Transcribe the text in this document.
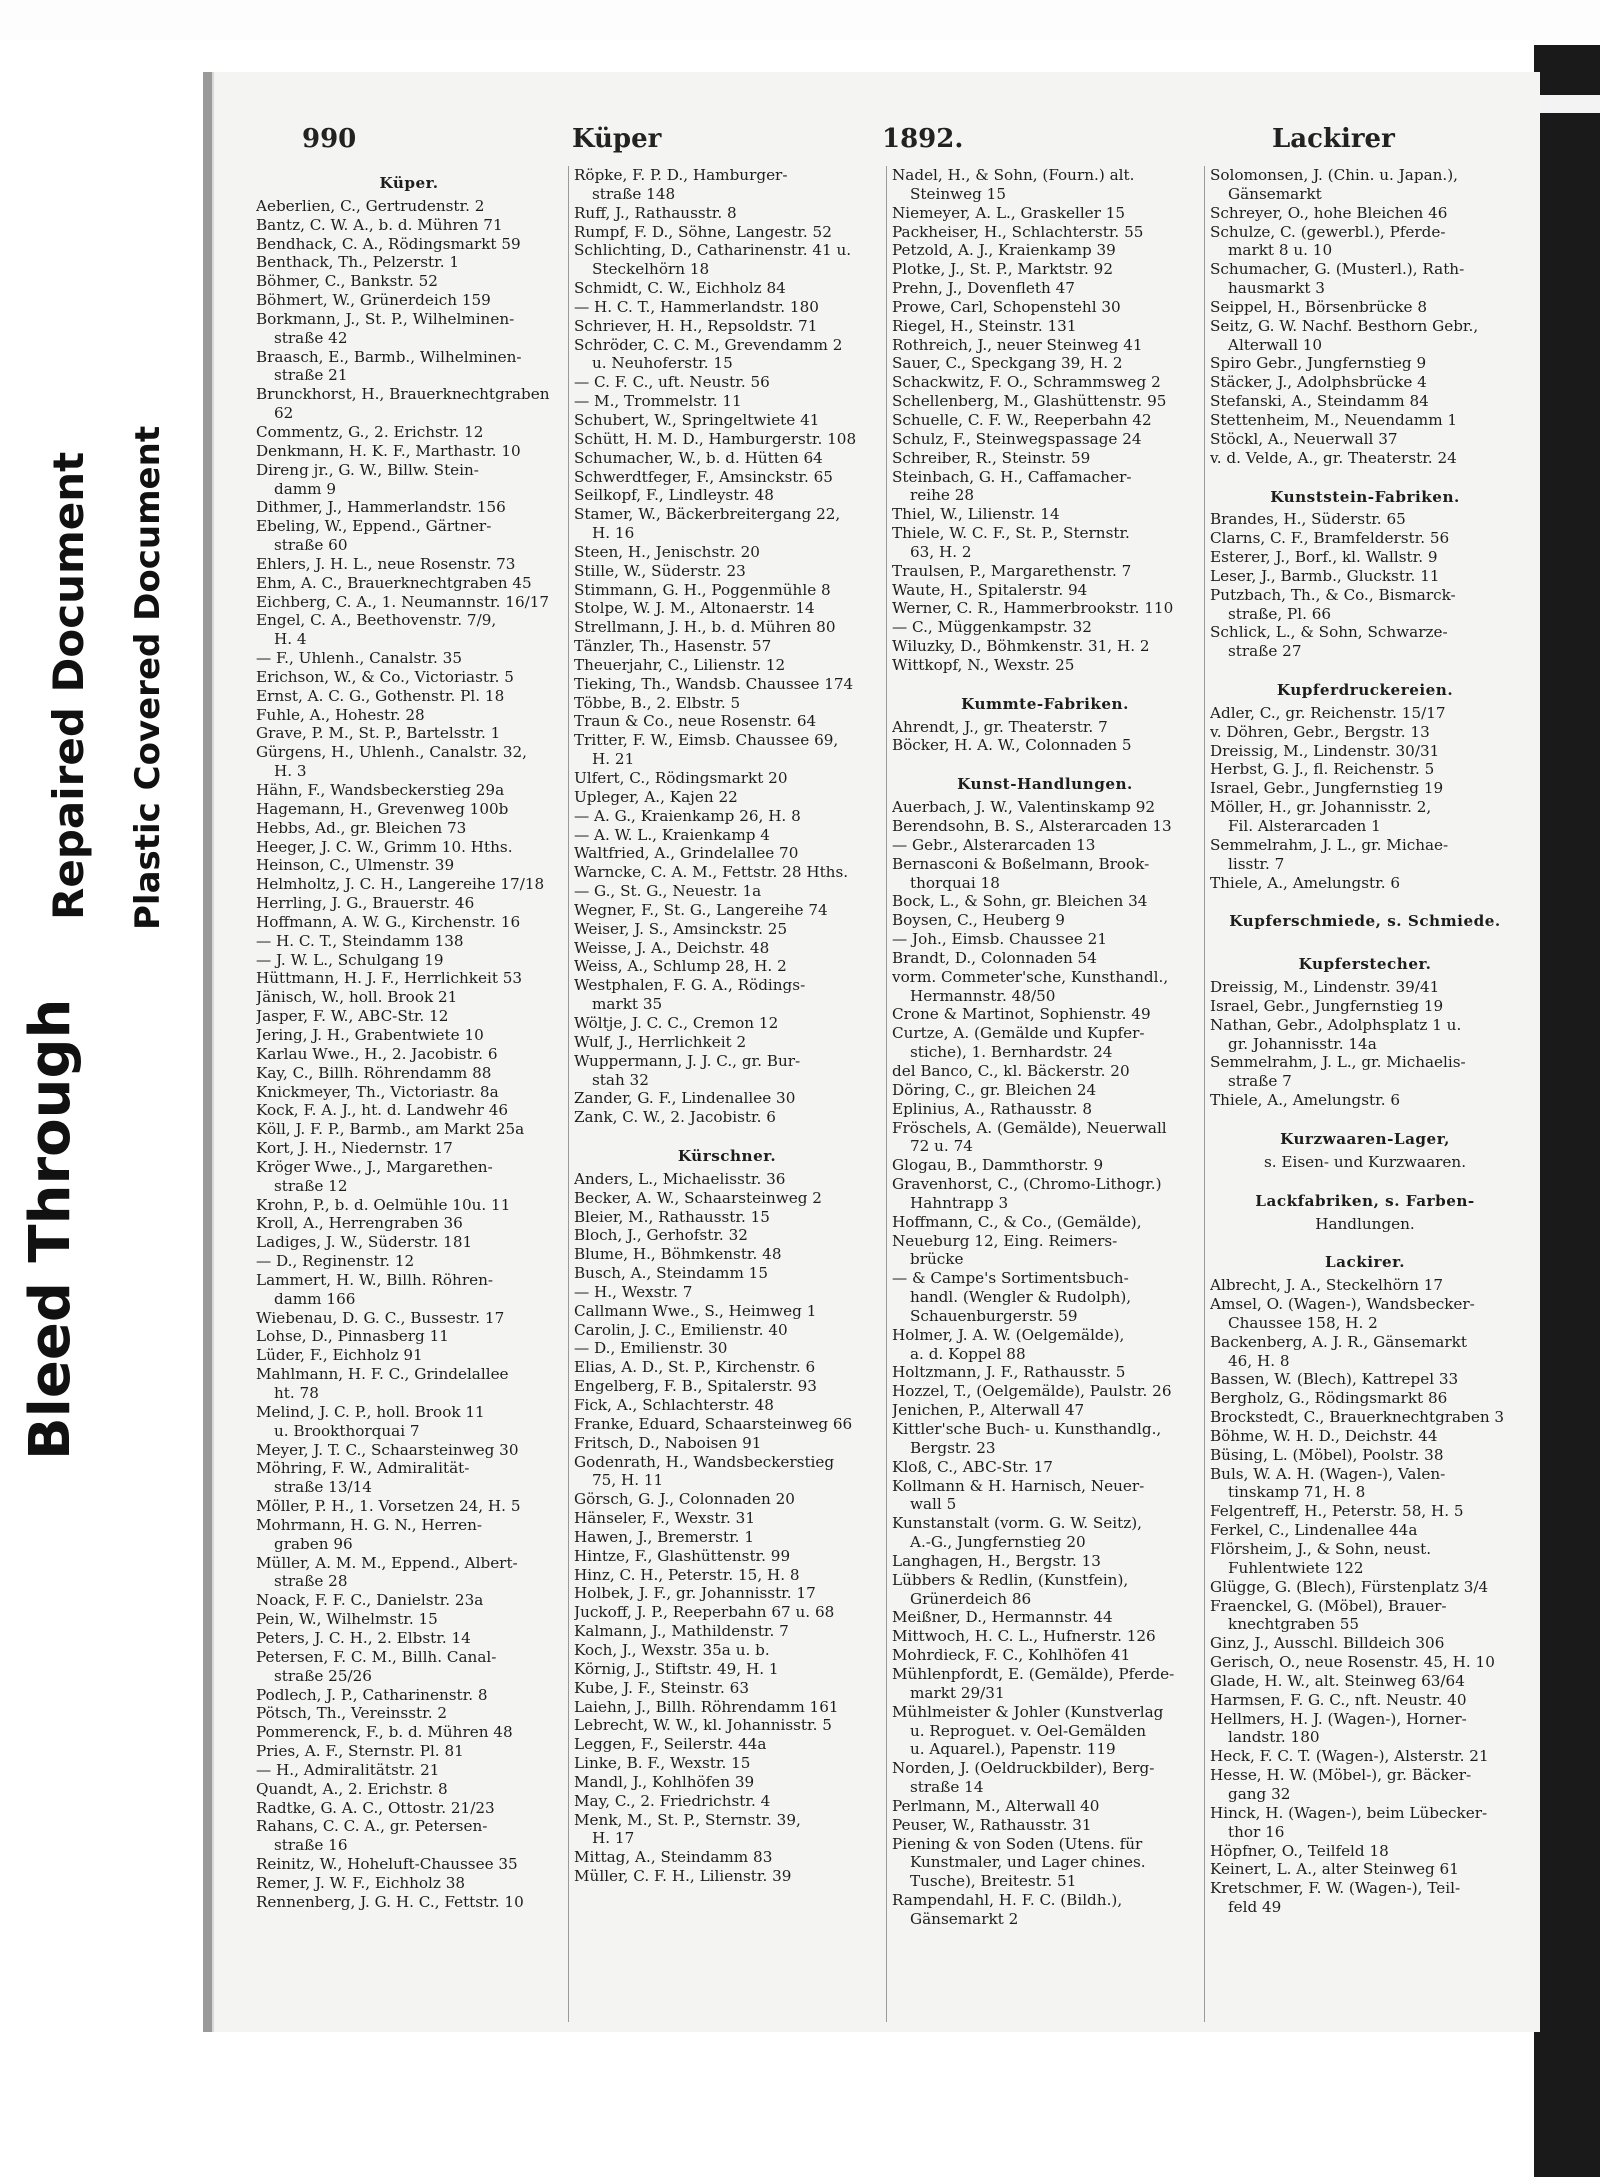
Bleed Through
Repaired Document Plastic Covered Document
990	Küper	1892.	Lackirer
Küper.
Aeberlien, C., Gertrudenstr. 2
Bantz, C. W. A., b. d. Mühren 71
Bendhack, C. A., Rödingsmarkt 59
Benthack, Th., Pelzerstr. 1
Böhmer, C., Bankstr. 52
Böhmert, W., Grünerdeich 159
Borkmann, J., St. P., Wilhelminen-
straße 42
Braasch, E., Barmb., Wilhelminen-
straße 21
Brunckhorst, H., Brauerknechtgraben
62
Commentz, G., 2. Erichstr. 12
Denkmann, H. K. F., Marthastr. 10
Direng jr., G. W., Billw. Stein-
damm 9
Dithmer, J., Hammerlandstr. 156
Ebeling, W., Eppend., Gärtner-
straße 60
Ehlers, J. H. L., neue Rosenstr. 73
Ehm, A. C., Brauerknechtgraben 45
Eichberg, C. A., 1. Neumannstr. 16/17
Engel, C. A., Beethovenstr. 7/9,
H. 4
— F., Uhlenh., Canalstr. 35
Erichson, W., & Co., Victoriastr. 5
Ernst, A. C. G., Gothenstr. Pl. 18
Fuhle, A., Hohestr. 28
Grave, P. M., St. P., Bartelsstr. 1
Gürgens, H., Uhlenh., Canalstr. 32,
H. 3
Hähn, F., Wandsbeckerstieg 29a
Hagemann, H., Grevenweg 100b
Hebbs, Ad., gr. Bleichen 73
Heeger, J. C. W., Grimm 10. Hths.
Heinson, C., Ulmenstr. 39
Helmholtz, J. C. H., Langereihe 17/18
Herrling, J. G., Brauerstr. 46
Hoffmann, A. W. G., Kirchenstr. 16
— H. C. T., Steindamm 138
— J. W. L., Schulgang 19
Hüttmann, H. J. F., Herrlichkeit 53
Jänisch, W., holl. Brook 21
Jasper, F. W., ABC-Str. 12
Jering, J. H., Grabentwiete 10
Karlau Wwe., H., 2. Jacobistr. 6
Kay, C., Billh. Röhrendamm 88
Knickmeyer, Th., Victoriastr. 8a
Kock, F. A. J., ht. d. Landwehr 46
Köll, J. F. P., Barmb., am Markt 25a
Kort, J. H., Niedernstr. 17
Kröger Wwe., J., Margarethen-
straße 12
Krohn, P., b. d. Oelmühle 10u. 11
Kroll, A., Herrengraben 36
Ladiges, J. W., Süderstr. 181
— D., Reginenstr. 12
Lammert, H. W., Billh. Röhren-
damm 166
Wiebenau, D. G. C., Bussestr. 17
Lohse, D., Pinnasberg 11
Lüder, F., Eichholz 91
Mahlmann, H. F. C., Grindelallee
ht. 78
Melind, J. C. P., holl. Brook 11
u. Brookthorquai 7
Meyer, J. T. C., Schaarsteinweg 30
Möhring, F. W., Admiralität-
straße 13/14
Möller, P. H., 1. Vorsetzen 24, H. 5
Mohrmann, H. G. N., Herren-
graben 96
Müller, A. M. M., Eppend., Albert-
straße 28
Noack, F. F. C., Danielstr. 23a
Pein, W., Wilhelmstr. 15
Peters, J. C. H., 2. Elbstr. 14
Petersen, F. C. M., Billh. Canal-
straße 25/26
Podlech, J. P., Catharinenstr. 8
Pötsch, Th., Vereinsstr. 2
Pommerenck, F., b. d. Mühren 48
Pries, A. F., Sternstr. Pl. 81
— H., Admiralitätstr. 21
Quandt, A., 2. Erichstr. 8
Radtke, G. A. C., Ottostr. 21/23
Rahans, C. C. A., gr. Petersen-
straße 16
Reinitz, W., Hoheluft-Chaussee 35
Remer, J. W. F., Eichholz 38
Rennenberg, J. G. H. C., Fettstr. 10
Röpke, F. P. D., Hamburger-
straße 148
Ruff, J., Rathausstr. 8
Rumpf, F. D., Söhne, Langestr. 52
Schlichting, D., Catharinenstr. 41 u.
Steckelhörn 18
Schmidt, C. W., Eichholz 84
— H. C. T., Hammerlandstr. 180
Schriever, H. H., Repsoldstr. 71
Schröder, C. C. M., Grevendamm 2
u. Neuhoferstr. 15
— C. F. C., uft. Neustr. 56
— M., Trommelstr. 11
Schubert, W., Springeltwiete 41
Schütt, H. M. D., Hamburgerstr. 108
Schumacher, W., b. d. Hütten 64
Schwerdtfeger, F., Amsinckstr. 65
Seilkopf, F., Lindleystr. 48
Stamer, W., Bäckerbreitergang 22,
H. 16
Steen, H., Jenischstr. 20
Stille, W., Süderstr. 23
Stimmann, G. H., Poggenmühle 8
Stolpe, W. J. M., Altonaerstr. 14
Strellmann, J. H., b. d. Mühren 80
Tänzler, Th., Hasenstr. 57
Theuerjahr, C., Lilienstr. 12
Tieking, Th., Wandsb. Chaussee 174
Többe, B., 2. Elbstr. 5
Traun & Co., neue Rosenstr. 64
Tritter, F. W., Eimsb. Chaussee 69,
H. 21
Ulfert, C., Rödingsmarkt 20
Upleger, A., Kajen 22
— A. G., Kraienkamp 26, H. 8
— A. W. L., Kraienkamp 4
Waltfried, A., Grindelallee 70
Warncke, C. A. M., Fettstr. 28 Hths.
— G., St. G., Neuestr. 1a
Wegner, F., St. G., Langereihe 74
Weiser, J. S., Amsinckstr. 25
Weisse, J. A., Deichstr. 48
Weiss, A., Schlump 28, H. 2
Westphalen, F. G. A., Rödings-
markt 35
Wöltje, J. C. C., Cremon 12
Wulf, J., Herrlichkeit 2
Wuppermann, J. J. C., gr. Bur-
stah 32
Zander, G. F., Lindenallee 30
Zank, C. W., 2. Jacobistr. 6
Kürschner.
Anders, L., Michaelisstr. 36
Becker, A. W., Schaarsteinweg 2
Bleier, M., Rathausstr. 15
Bloch, J., Gerhofstr. 32
Blume, H., Böhmkenstr. 48
Busch, A., Steindamm 15
— H., Wexstr. 7
Callmann Wwe., S., Heimweg 1
Carolin, J. C., Emilienstr. 40
— D., Emilienstr. 30
Elias, A. D., St. P., Kirchenstr. 6
Engelberg, F. B., Spitalerstr. 93
Fick, A., Schlachterstr. 48
Franke, Eduard, Schaarsteinweg 66
Fritsch, D., Naboisen 91
Godenrath, H., Wandsbeckerstieg
75, H. 11
Görsch, G. J., Colonnaden 20
Hänseler, F., Wexstr. 31
Hawen, J., Bremerstr. 1
Hintze, F., Glashüttenstr. 99
Hinz, C. H., Peterstr. 15, H. 8
Holbek, J. F., gr. Johannisstr. 17
Juckoff, J. P., Reeperbahn 67 u. 68
Kalmann, J., Mathildenstr. 7
Koch, J., Wexstr. 35a u. b.
Körnig, J., Stiftstr. 49, H. 1
Kube, J. F., Steinstr. 63
Laiehn, J., Billh. Röhrendamm 161
Lebrecht, W. W., kl. Johannisstr. 5
Leggen, F., Seilerstr. 44a
Linke, B. F., Wexstr. 15
Mandl, J., Kohlhöfen 39
May, C., 2. Friedrichstr. 4
Menk, M., St. P., Sternstr. 39,
H. 17
Mittag, A., Steindamm 83
Müller, C. F. H., Lilienstr. 39
Nadel, H., & Sohn, (Fourn.) alt.
Steinweg 15
Niemeyer, A. L., Graskeller 15
Packheiser, H., Schlachterstr. 55
Petzold, A. J., Kraienkamp 39
Plotke, J., St. P., Marktstr. 92
Prehn, J., Dovenfleth 47
Prowe, Carl, Schopenstehl 30
Riegel, H., Steinstr. 131
Rothreich, J., neuer Steinweg 41
Sauer, C., Speckgang 39, H. 2
Schackwitz, F. O., Schrammsweg 2
Schellenberg, M., Glashüttenstr. 95
Schuelle, C. F. W., Reeperbahn 42
Schulz, F., Steinwegspassage 24
Schreiber, R., Steinstr. 59
Steinbach, G. H., Caffamacher-
reihe 28
Thiel, W., Lilienstr. 14
Thiele, W. C. F., St. P., Sternstr.
63, H. 2
Traulsen, P., Margarethenstr. 7
Waute, H., Spitalerstr. 94
Werner, C. R., Hammerbrookstr. 110
— C., Müggenkampstr. 32
Wiluzky, D., Böhmkenstr. 31, H. 2
Wittkopf, N., Wexstr. 25
Kummte-Fabriken.
Ahrendt, J., gr. Theaterstr. 7
Böcker, H. A. W., Colonnaden 5
Kunst-Handlungen.
Auerbach, J. W., Valentinskamp 92
Berendsohn, B. S., Alsterarcaden 13
— Gebr., Alsterarcaden 13
Bernasconi & Boßelmann, Brook-
thorquai 18
Bock, L., & Sohn, gr. Bleichen 34
Boysen, C., Heuberg 9
— Joh., Eimsb. Chaussee 21
Brandt, D., Colonnaden 54
vorm. Commeter'sche, Kunsthandl.,
Hermannstr. 48/50
Crone & Martinot, Sophienstr. 49
Curtze, A. (Gemälde und Kupfer-
stiche), 1. Bernhardstr. 24
del Banco, C., kl. Bäckerstr. 20
Döring, C., gr. Bleichen 24
Eplinius, A., Rathausstr. 8
Fröschels, A. (Gemälde), Neuerwall
72 u. 74
Glogau, B., Dammthorstr. 9
Gravenhorst, C., (Chromo-Lithogr.)
Hahntrapp 3
Hoffmann, C., & Co., (Gemälde),
Neueburg 12, Eing. Reimers-
brücke
— & Campe's Sortimentsbuch-
handl. (Wengler & Rudolph),
Schauenburgerstr. 59
Holmer, J. A. W. (Oelgemälde),
a. d. Koppel 88
Holtzmann, J. F., Rathausstr. 5
Hozzel, T., (Oelgemälde), Paulstr. 26
Jenichen, P., Alterwall 47
Kittler'sche Buch- u. Kunsthandlg.,
Bergstr. 23
Kloß, C., ABC-Str. 17
Kollmann & H. Harnisch, Neuer-
wall 5
Kunstanstalt (vorm. G. W. Seitz),
A.-G., Jungfernstieg 20
Langhagen, H., Bergstr. 13
Lübbers & Redlin, (Kunstfein),
Grünerdeich 86
Meißner, D., Hermannstr. 44
Mittwoch, H. C. L., Hufnerstr. 126
Mohrdieck, F. C., Kohlhöfen 41
Mühlenpfordt, E. (Gemälde), Pferde-
markt 29/31
Mühlmeister & Johler (Kunstverlag
u. Reproguet. v. Oel-Gemälden
u. Aquarel.), Papenstr. 119
Norden, J. (Oeldruckbilder), Berg-
straße 14
Perlmann, M., Alterwall 40
Peuser, W., Rathausstr. 31
Piening & von Soden (Utens. für
Kunstmaler, und Lager chines.
Tusche), Breitestr. 51
Rampendahl, H. F. C. (Bildh.),
Gänsemarkt 2
Solomonsen, J. (Chin. u. Japan.),
Gänsemarkt
Schreyer, O., hohe Bleichen 46
Schulze, C. (gewerbl.), Pferde-
markt 8 u. 10
Schumacher, G. (Musterl.), Rath-
hausmarkt 3
Seippel, H., Börsenbrücke 8
Seitz, G. W. Nachf. Besthorn Gebr.,
Alterwall 10
Spiro Gebr., Jungfernstieg 9
Stäcker, J., Adolphsbrücke 4
Stefanski, A., Steindamm 84
Stettenheim, M., Neuendamm 1
Stöckl, A., Neuerwall 37
v. d. Velde, A., gr. Theaterstr. 24
Kunststein-Fabriken.
Brandes, H., Süderstr. 65
Clarns, C. F., Bramfelderstr. 56
Esterer, J., Borf., kl. Wallstr. 9
Leser, J., Barmb., Gluckstr. 11
Putzbach, Th., & Co., Bismarck-
straße, Pl. 66
Schlick, L., & Sohn, Schwarze-
straße 27
Kupferdruckereien.
Adler, C., gr. Reichenstr. 15/17
v. Döhren, Gebr., Bergstr. 13
Dreissig, M., Lindenstr. 30/31
Herbst, G. J., fl. Reichenstr. 5
Israel, Gebr., Jungfernstieg 19
Möller, H., gr. Johannisstr. 2,
Fil. Alsterarcaden 1
Semmelrahm, J. L., gr. Michae-
lisstr. 7
Thiele, A., Amelungstr. 6
Kupferschmiede, s. Schmiede.
Kupferstecher.
Dreissig, M., Lindenstr. 39/41
Israel, Gebr., Jungfernstieg 19
Nathan, Gebr., Adolphsplatz 1 u.
gr. Johannisstr. 14a
Semmelrahm, J. L., gr. Michaelis-
straße 7
Thiele, A., Amelungstr. 6
Kurzwaaren-Lager,
s. Eisen- und Kurzwaaren.
Lackfabriken, s. Farben-
Handlungen.
Lackirer.
Albrecht, J. A., Steckelhörn 17
Amsel, O. (Wagen-), Wandsbecker-
Chaussee 158, H. 2
Backenberg, A. J. R., Gänsemarkt
46, H. 8
Bassen, W. (Blech), Kattrepel 33
Bergholz, G., Rödingsmarkt 86
Brockstedt, C., Brauerknechtgraben 3
Böhme, W. H. D., Deichstr. 44
Büsing, L. (Möbel), Poolstr. 38
Buls, W. A. H. (Wagen-), Valen-
tinskamp 71, H. 8
Felgentreff, H., Peterstr. 58, H. 5
Ferkel, C., Lindenallee 44a
Flörsheim, J., & Sohn, neust.
Fuhlentwiete 122
Glügge, G. (Blech), Fürstenplatz 3/4
Fraenckel, G. (Möbel), Brauer-
knechtgraben 55
Ginz, J., Ausschl. Billdeich 306
Gerisch, O., neue Rosenstr. 45, H. 10
Glade, H. W., alt. Steinweg 63/64
Harmsen, F. G. C., nft. Neustr. 40
Hellmers, H. J. (Wagen-), Horner-
landstr. 180
Heck, F. C. T. (Wagen-), Alsterstr. 21
Hesse, H. W. (Möbel-), gr. Bäcker-
gang 32
Hinck, H. (Wagen-), beim Lübecker-
thor 16
Höpfner, O., Teilfeld 18
Keinert, L. A., alter Steinweg 61
Kretschmer, F. W. (Wagen-), Teil-
feld 49
